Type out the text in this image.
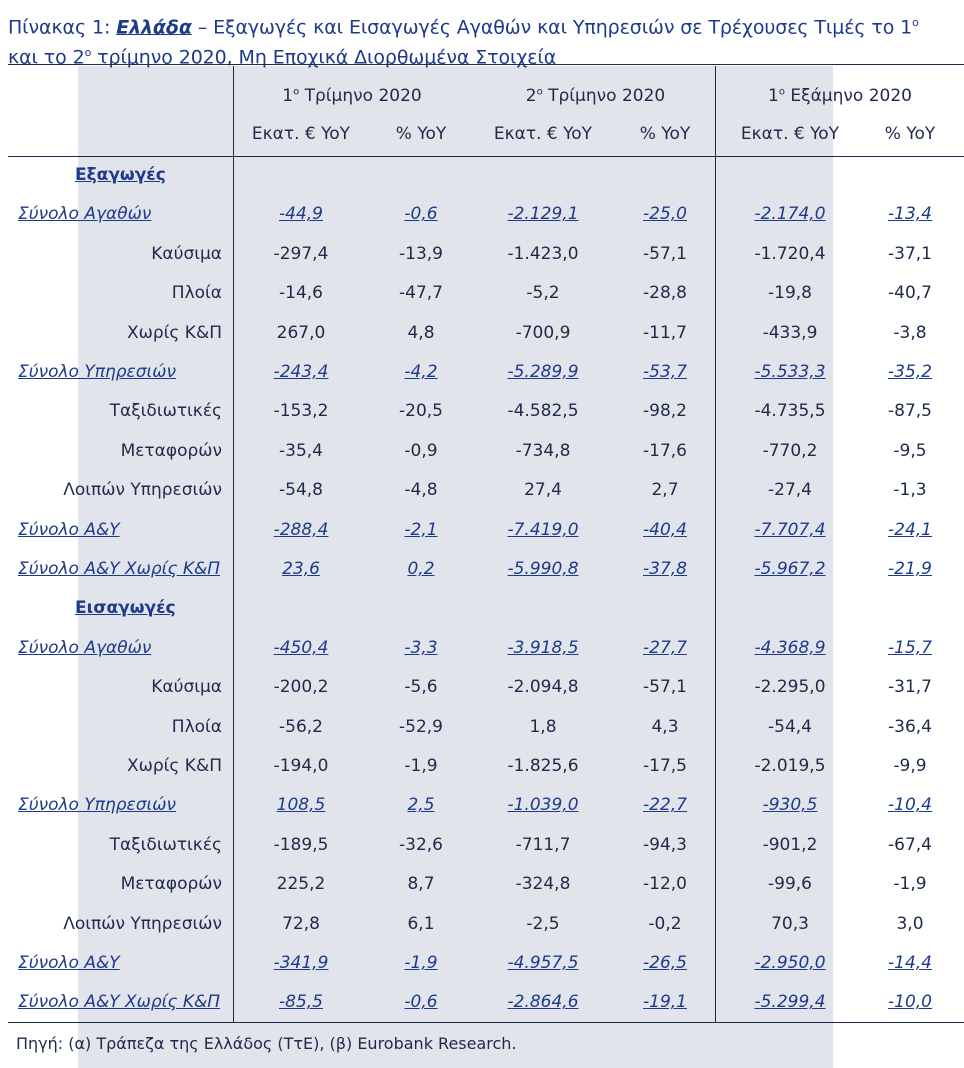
Πίνακας 1: Ελλάδα – Εξαγωγές και Εισαγωγές Αγαθών και Υπηρεσιών σε Τρέχουσες Τιμές το $1^o$
και το $2^o$ τρίμηνο 2020, Μη Εποχικά Διορθωμένα Στοιχεία
$1^o$ Τρίμηνο 2020	$2^o$ Τρίμηνο 2020	$1^o$ Εξάμηνο 2020
Εκατ. € YoY	% YoY	Εκατ. € YoY	% YoY	Εκατ. € YoY	% YoY
Εξαγωγές
Σύνολο Αγαθών	-44,9	-0,6	-2.129,1	-25,0	-2.174,0	-13,4
Καύσιμα	-297,4	-13,9	-1.423,0	-57,1	-1.720,4	-37,1
Πλοία	-14,6	-47,7	-5,2	-28,8	-19,8	-40,7
Χωρίς Κ&Π	267,0	4,8	-700,9	-11,7	-433,9	-3,8
Σύνολο Υπηρεσιών	-243,4	-4,2	-5.289,9	-53,7	-5.533,3	-35,2
Ταξιδιωτικές	-153,2	-20,5	-4.582,5	-98,2	-4.735,5	-87,5
Μεταφορών	-35,4	-0,9	-734,8	-17,6	-770,2	-9,5
Λοιπών Υπηρεσιών	-54,8	-4,8	27,4	2,7	-27,4	-1,3
Σύνολο Α&Υ	-288,4	-2,1	-7.419,0	-40,4	-7.707,4	-24,1
Σύνολο Α&Υ Χωρίς Κ&Π	23,6	0,2	-5.990,8	-37,8	-5.967,2	-21,9
Εισαγωγές
Σύνολο Αγαθών	-450,4	-3,3	-3.918,5	-27,7	-4.368,9	-15,7
Καύσιμα	-200,2	-5,6	-2.094,8	-57,1	-2.295,0	-31,7
Πλοία	-56,2	-52,9	1,8	4,3	-54,4	-36,4
Χωρίς Κ&Π	-194,0	-1,9	-1.825,6	-17,5	-2.019,5	-9,9
Σύνολο Υπηρεσιών	108,5	2,5	-1.039,0	-22,7	-930,5	-10,4
Ταξιδιωτικές	-189,5	-32,6	-711,7	-94,3	-901,2	-67,4
Μεταφορών	225,2	8,7	-324,8	-12,0	-99,6	-1,9
Λοιπών Υπηρεσιών	72,8	6,1	-2,5	-0,2	70,3	3,0
Σύνολο Α&Υ	-341,9	-1,9	-4.957,5	-26,5	-2.950,0	-14,4
Σύνολο Α&Υ Χωρίς Κ&Π	-85,5	-0,6	-2.864,6	-19,1	-5.299,4	-10,0
Πηγή: (α) Τράπεζα της Ελλάδος (ΤτΕ), (β) Eurobank Research.
